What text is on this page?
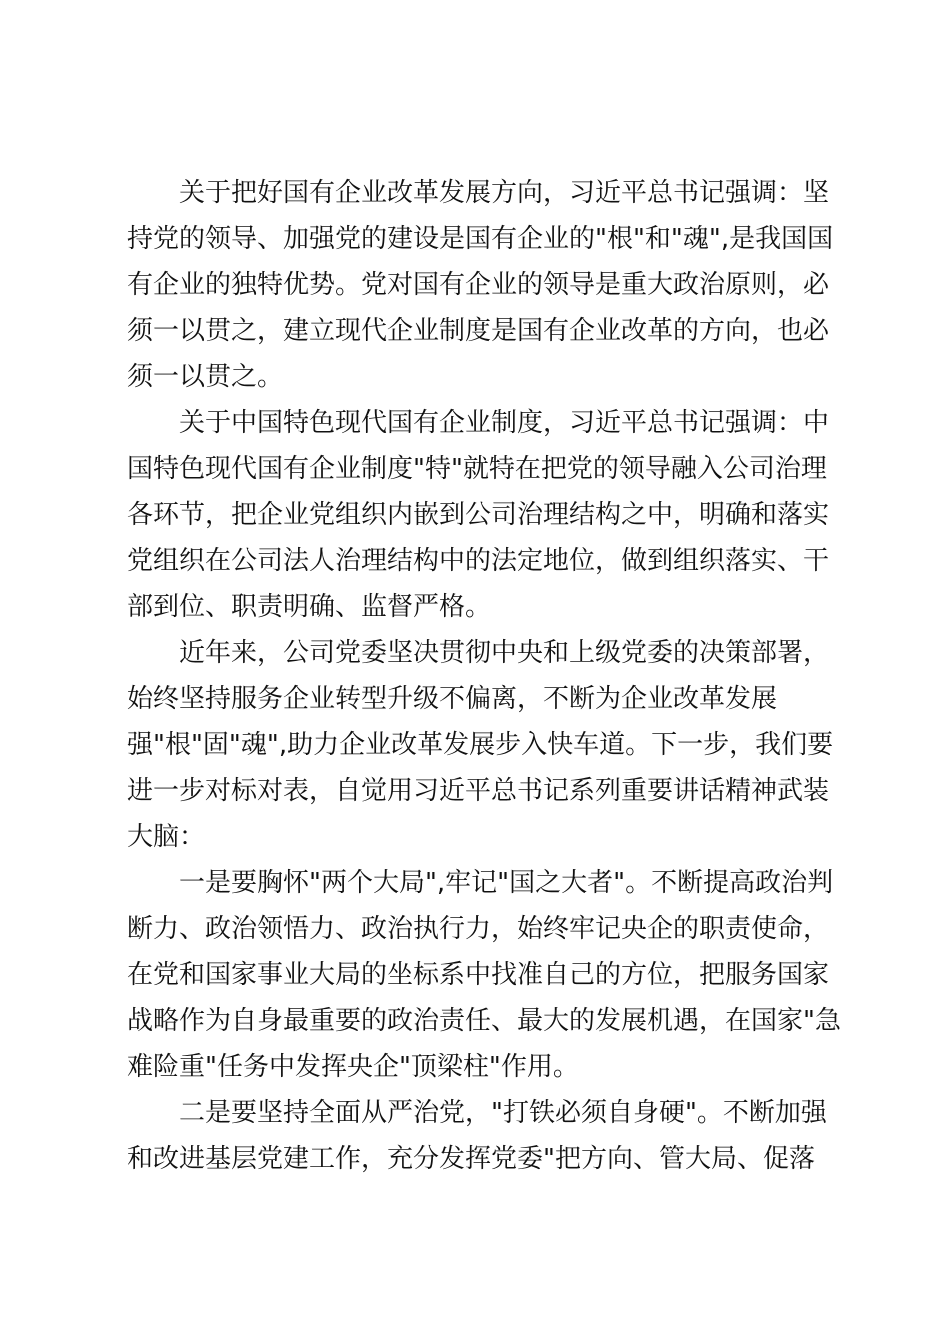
关于把好国有企业改革发展方向，习近平总书记强调：坚
持党的领导、加强党的建设是国有企业的"根"和"魂",是我国国
有企业的独特优势。党对国有企业的领导是重大政治原则，必
须一以贯之，建立现代企业制度是国有企业改革的方向，也必
须一以贯之。
关于中国特色现代国有企业制度，习近平总书记强调：中
国特色现代国有企业制度"特"就特在把党的领导融入公司治理
各环节，把企业党组织内嵌到公司治理结构之中，明确和落实
党组织在公司法人治理结构中的法定地位，做到组织落实、干
部到位、职责明确、监督严格。
近年来，公司党委坚决贯彻中央和上级党委的决策部署，
始终坚持服务企业转型升级不偏离，不断为企业改革发展
强"根"固"魂",助力企业改革发展步入快车道。下一步，我们要
进一步对标对表，自觉用习近平总书记系列重要讲话精神武装
大脑：
一是要胸怀"两个大局",牢记"国之大者"。不断提高政治判
断力、政治领悟力、政治执行力，始终牢记央企的职责使命，
在党和国家事业大局的坐标系中找准自己的方位，把服务国家
战略作为自身最重要的政治责任、最大的发展机遇，在国家"急
难险重"任务中发挥央企"顶梁柱"作用。
二是要坚持全面从严治党，"打铁必须自身硬"。不断加强
和改进基层党建工作，充分发挥党委"把方向、管大局、促落
